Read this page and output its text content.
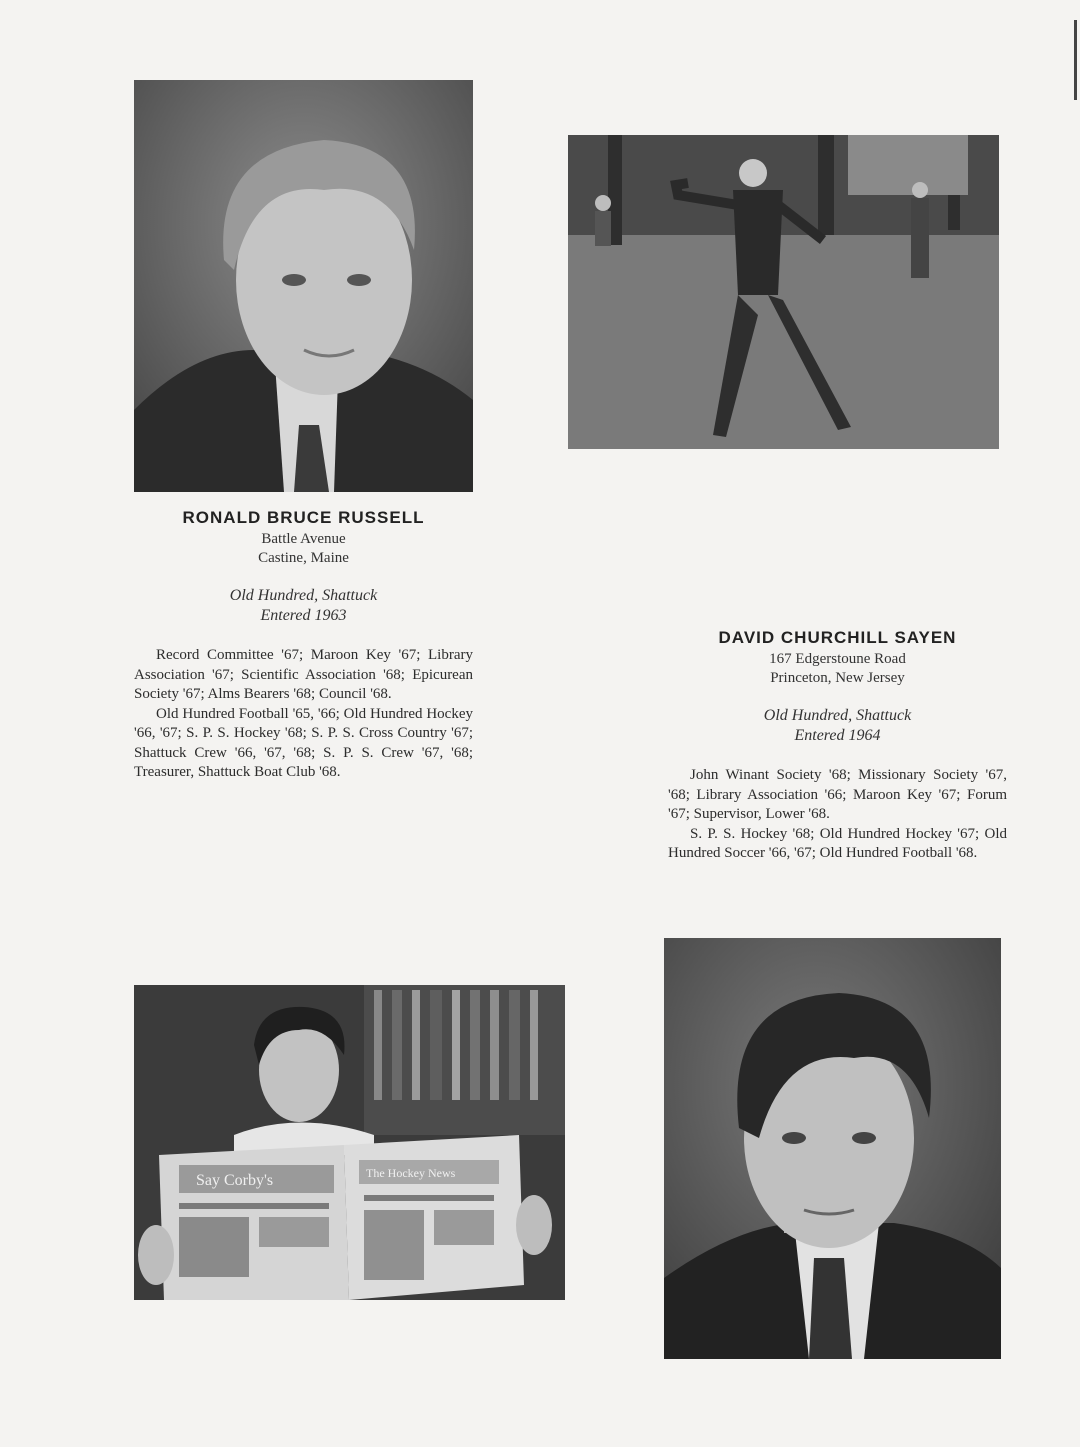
RONALD BRUCE RUSSELL
Battle Avenue
Castine, Maine
Old Hundred, Shattuck
Entered 1963

Record Committee '67; Maroon Key '67; Library Association '67; Scientific Association '68; Epicurean Society '67; Alms Bearers '68; Council '68.

Old Hundred Football '65, '66; Old Hundred Hockey '66, '67; S. P. S. Hockey '68; S. P. S. Cross Country '67; Shattuck Crew '66, '67, '68; S. P. S. Crew '67, '68; Treasurer, Shattuck Boat Club '68.

DAVID CHURCHILL SAYEN
167 Edgerstoune Road
Princeton, New Jersey
Old Hundred, Shattuck
Entered 1964

John Winant Society '68; Missionary Society '67, '68; Library Association '66; Maroon Key '67; Forum '67; Supervisor, Lower '68.

S. P. S. Hockey '68; Old Hundred Hockey '67; Old Hundred Soccer '66, '67; Old Hundred Football '68.

Say Corby's	The Hockey News
